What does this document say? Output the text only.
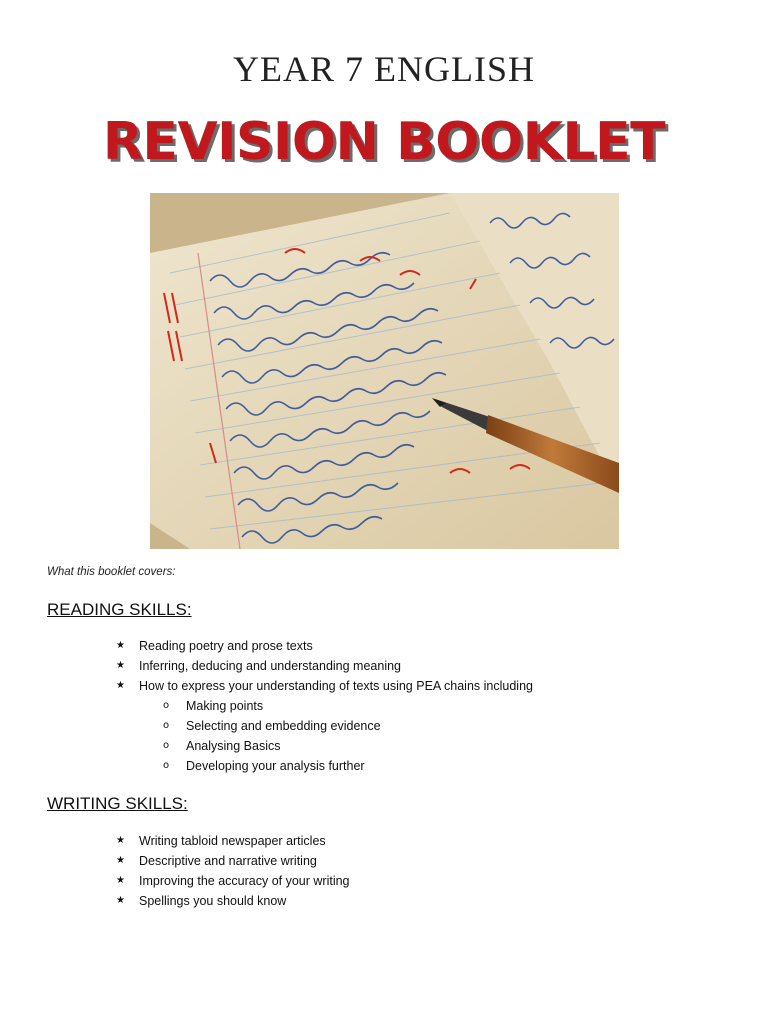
YEAR 7 ENGLISH
REVISION BOOKLET
What this booklet covers:
READING SKILLS:
★ Reading poetry and prose texts
★ Inferring, deducing and understanding meaning
★ How to express your understanding of texts using PEA chains including
o Making points
o Selecting and embedding evidence
o Analysing Basics
o Developing your analysis further
WRITING SKILLS:
★ Writing tabloid newspaper articles
★ Descriptive and narrative writing
★ Improving the accuracy of your writing
★ Spellings you should know
